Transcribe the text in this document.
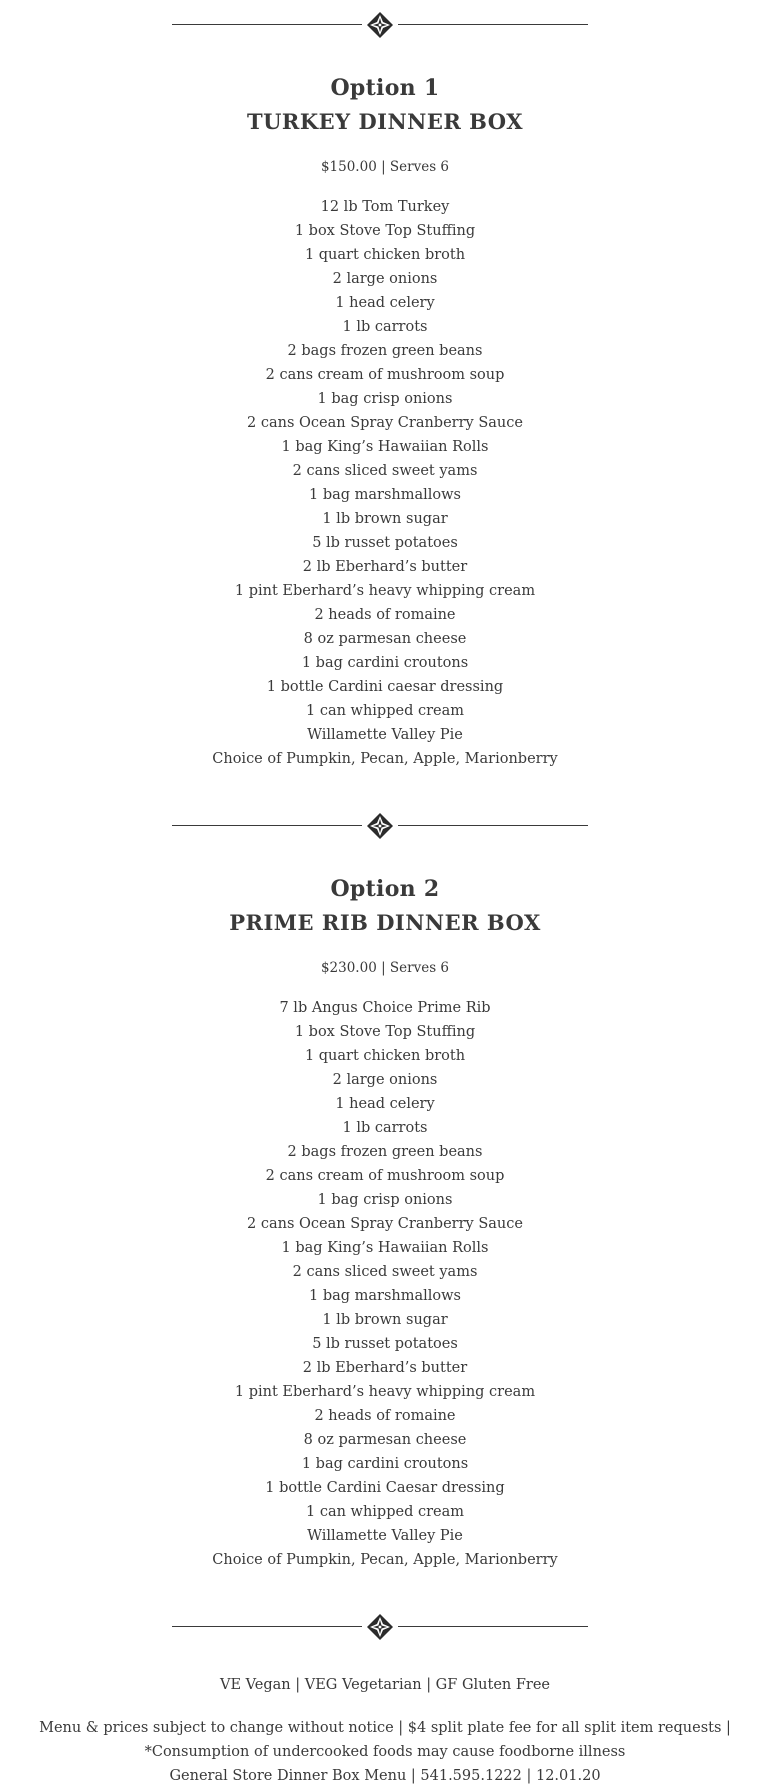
Option 1
TURKEY DINNER BOX
$150.00 | Serves 6
12 lb Tom Turkey
1 box Stove Top Stuffing
1 quart chicken broth
2 large onions
1 head celery
1 lb carrots
2 bags frozen green beans
2 cans cream of mushroom soup
1 bag crisp onions
2 cans Ocean Spray Cranberry Sauce
1 bag King’s Hawaiian Rolls
2 cans sliced sweet yams
1 bag marshmallows
1 lb brown sugar
5 lb russet potatoes
2 lb Eberhard’s butter
1 pint Eberhard’s heavy whipping cream
2 heads of romaine
8 oz parmesan cheese
1 bag cardini croutons
1 bottle Cardini caesar dressing
1 can whipped cream
Willamette Valley Pie
Choice of Pumpkin, Pecan, Apple, Marionberry
Option 2
PRIME RIB DINNER BOX
$230.00 | Serves 6
7 lb Angus Choice Prime Rib
1 box Stove Top Stuffing
1 quart chicken broth
2 large onions
1 head celery
1 lb carrots
2 bags frozen green beans
2 cans cream of mushroom soup
1 bag crisp onions
2 cans Ocean Spray Cranberry Sauce
1 bag King’s Hawaiian Rolls
2 cans sliced sweet yams
1 bag marshmallows
1 lb brown sugar
5 lb russet potatoes
2 lb Eberhard’s butter
1 pint Eberhard’s heavy whipping cream
2 heads of romaine
8 oz parmesan cheese
1 bag cardini croutons
1 bottle Cardini Caesar dressing
1 can whipped cream
Willamette Valley Pie
Choice of Pumpkin, Pecan, Apple, Marionberry
VE Vegan | VEG Vegetarian | GF Gluten Free
Menu & prices subject to change without notice | $4 split plate fee for all split item requests |
*Consumption of undercooked foods may cause foodborne illness
General Store Dinner Box Menu | 541.595.1222 | 12.01.20
